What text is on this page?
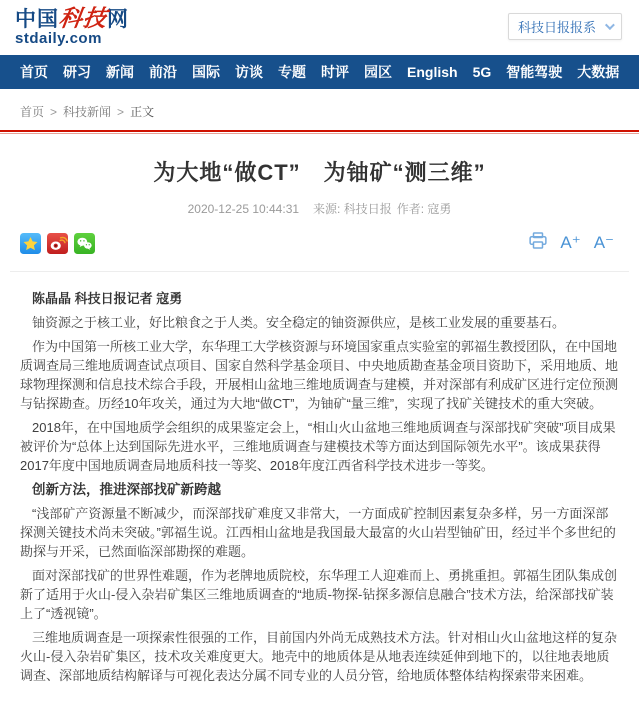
中国科技网
stdaily.com
科技日报报系
首页 研习 新闻 前沿 国际 访谈 专题 时评 园区 English 5G 智能驾驶 大数据
首页 > 科技新闻 > 正文
为大地“做CT”　为铀矿“测三维”
2020-12-25 10:44:31 来源: 科技日报 作者: 寇勇
A⁺ A⁻

陈晶晶 科技日报记者 寇勇

铀资源之于核工业，好比粮食之于人类。安全稳定的铀资源供应，是核工业发展的重要基石。

作为中国第一所核工业大学，东华理工大学核资源与环境国家重点实验室的郭福生教授团队，在中国地质调查局三维地质调查试点项目、国家自然科学基金项目、中央地质勘查基金项目资助下，采用地质、地球物理探测和信息技术综合手段，开展相山盆地三维地质调查与建模，并对深部有利成矿区进行定位预测与钻探勘查。历经10年攻关，通过为大地“做CT”，为铀矿“量三维”，实现了找矿关键技术的重大突破。

2018年，在中国地质学会组织的成果鉴定会上，“相山火山盆地三维地质调查与深部找矿突破”项目成果被评价为“总体上达到国际先进水平，三维地质调查与建模技术等方面达到国际领先水平”。该成果获得2017年度中国地质调查局地质科技一等奖、2018年度江西省科学技术进步一等奖。

创新方法，推进深部找矿新跨越

“浅部矿产资源量不断减少，而深部找矿难度又非常大，一方面成矿控制因素复杂多样，另一方面深部探测关键技术尚未突破。”郭福生说。江西相山盆地是我国最大最富的火山岩型铀矿田，经过半个多世纪的勘探与开采，已然面临深部勘探的难题。

面对深部找矿的世界性难题，作为老牌地质院校，东华理工人迎难而上、勇挑重担。郭福生团队集成创新了适用于火山-侵入杂岩矿集区三维地质调查的“地质-物探-钻探多源信息融合”技术方法，给深部找矿装上了“透视镜”。

三维地质调查是一项探索性很强的工作，目前国内外尚无成熟技术方法。针对相山火山盆地这样的复杂火山-侵入杂岩矿集区，技术攻关难度更大。地壳中的地质体是从地表连续延伸到地下的，以往地表地质调查、深部地质结构解译与可视化表达分属不同专业的人员分管，给地质体整体结构探索带来困难。
